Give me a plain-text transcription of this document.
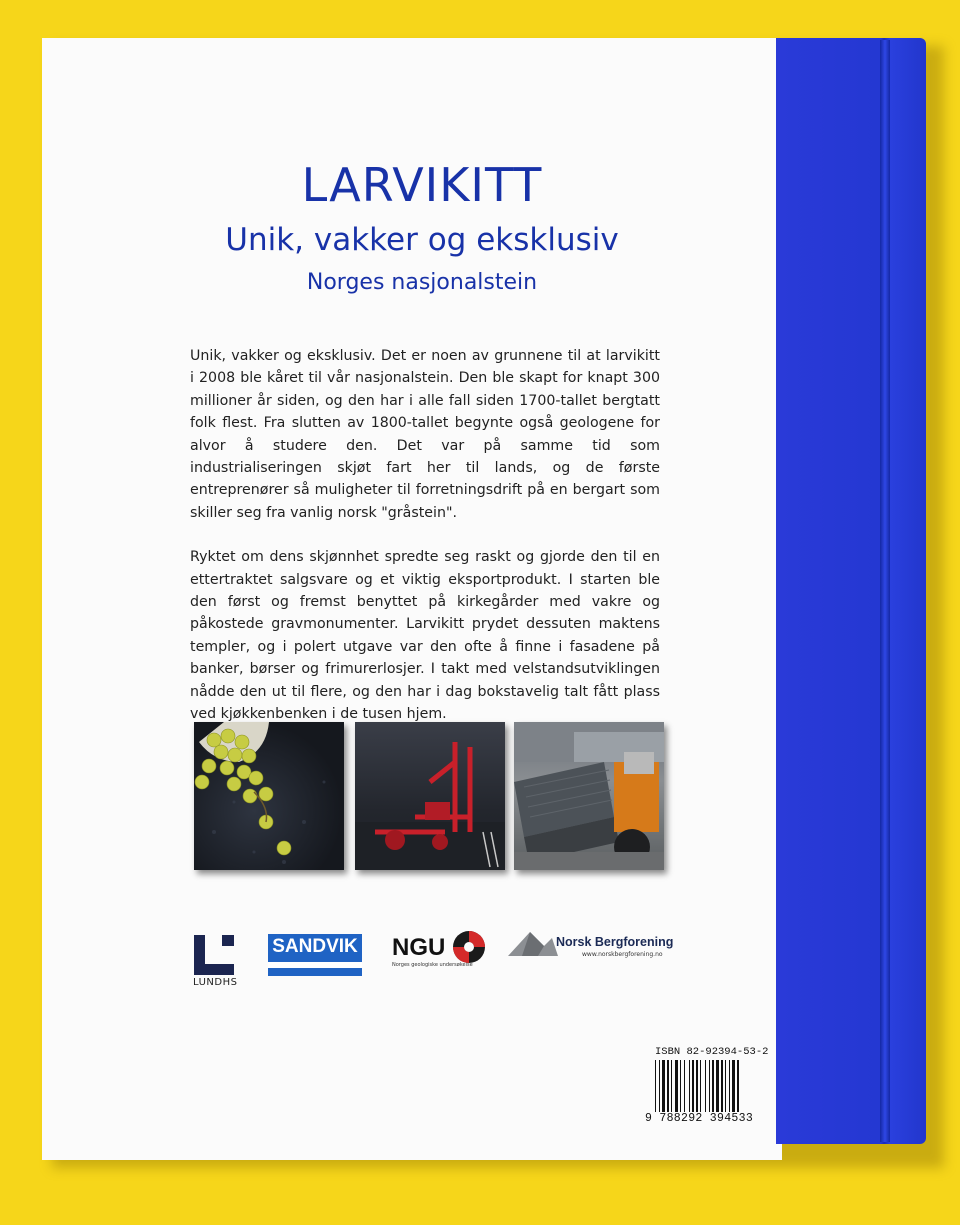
LARVIKITT
Unik, vakker og eksklusiv
Norges nasjonalstein

Unik, vakker og eksklusiv. Det er noen av grunnene til at larvikitt i 2008 ble kåret til vår nasjonalstein. Den ble skapt for knapt 300 millioner år siden, og den har i alle fall siden 1700-tallet bergtatt folk flest. Fra slutten av 1800-tallet begynte også geologene for alvor å studere den. Det var på samme tid som industrialiseringen skjøt fart her til lands, og de første entreprenører så muligheter til forretningsdrift på en bergart som skiller seg fra vanlig norsk "gråstein".

Ryktet om dens skjønnhet spredte seg raskt og gjorde den til en ettertraktet salgsvare og et viktig eksportprodukt. I starten ble den først og fremst benyttet på kirkegårder med vakre og påkostede gravmonumenter. Larvikitt prydet dessuten maktens templer, og i polert utgave var den ofte å finne i fasadene på banker, børser og frimurerlosjer. I takt med velstandsutviklingen nådde den ut til flere, og den har i dag bokstavelig talt fått plass ved kjøkkenbenken i de tusen hjem.

LUNDHS
SANDVIK NGU
Norges geologiske undersøkelse
Norsk Bergforening
www.norskbergforening.no
ISBN 82-92394-53-2
9 788292 394533
